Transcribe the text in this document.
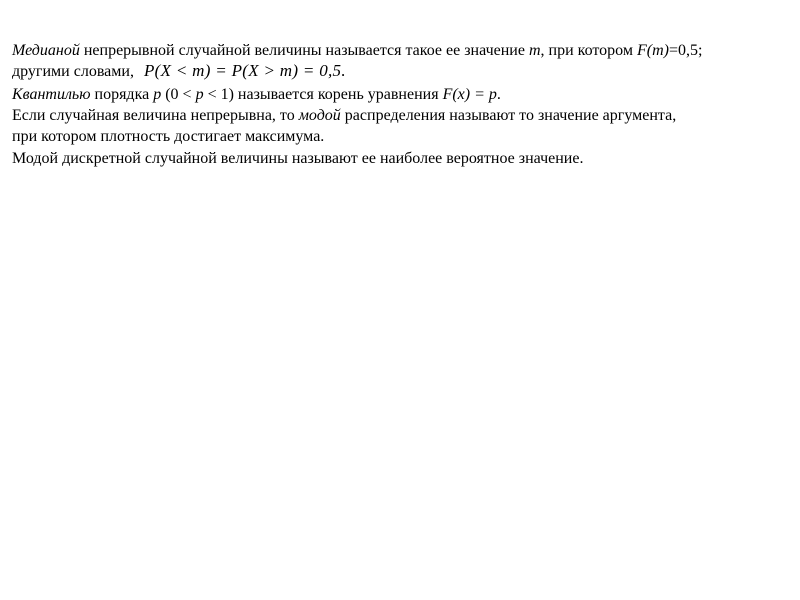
Медианой непрерывной случайной величины называется такое ее значение m, при котором F(m)=0,5;

другими словами, P(X < m) = P(X > m) = 0,5.

Квантилью порядка p (0 < p < 1) называется корень уравнения F(x) = p.

Если случайная величина непрерывна, то модой распределения называют то значение аргумента,

при котором плотность достигает максимума.

Модой дискретной случайной величины называют ее наиболее вероятное значение.
